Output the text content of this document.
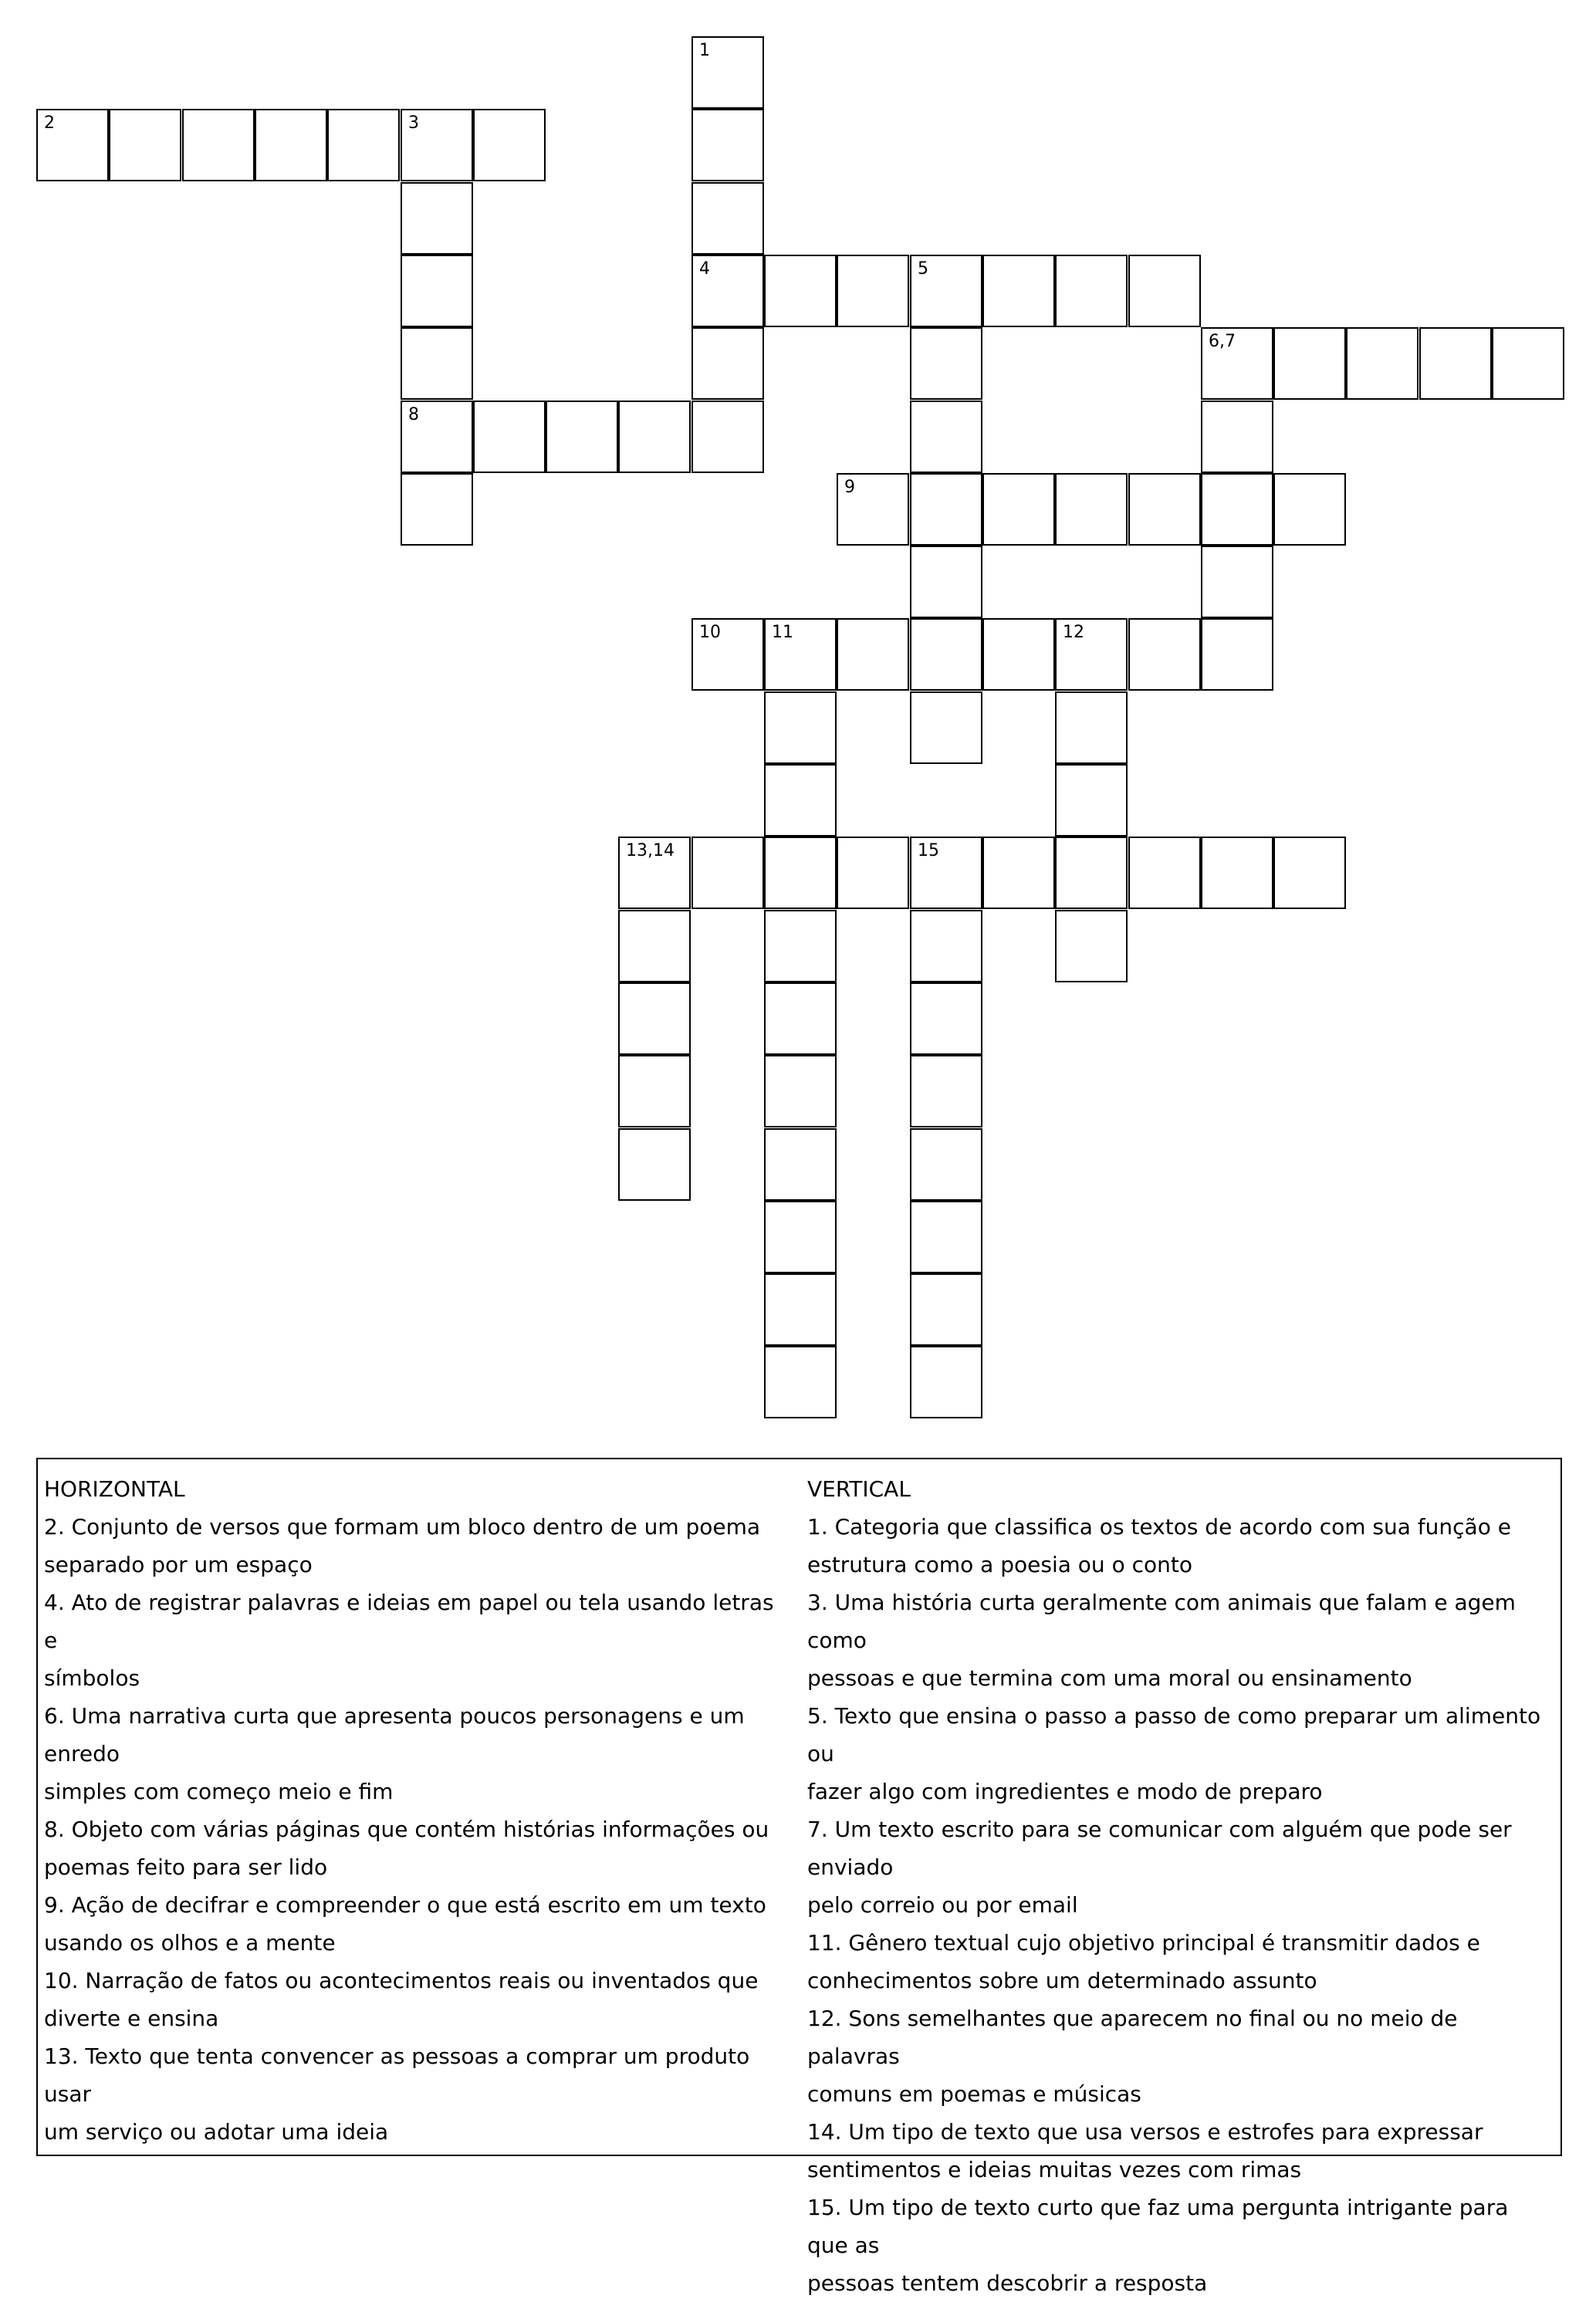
1
2	3
4	5
6,7
8
9
10	11	12
13,14	15
HORIZONTAL
2. Conjunto de versos que formam um bloco dentro de um poema
separado por um espaço
4. Ato de registrar palavras e ideias em papel ou tela usando letras e
símbolos
6. Uma narrativa curta que apresenta poucos personagens e um enredo
simples com começo meio e fim
8. Objeto com várias páginas que contém histórias informações ou
poemas feito para ser lido
9. Ação de decifrar e compreender o que está escrito em um texto
usando os olhos e a mente
10. Narração de fatos ou acontecimentos reais ou inventados que
diverte e ensina
13. Texto que tenta convencer as pessoas a comprar um produto usar
um serviço ou adotar uma ideia
VERTICAL
1. Categoria que classifica os textos de acordo com sua função e
estrutura como a poesia ou o conto
3. Uma história curta geralmente com animais que falam e agem como
pessoas e que termina com uma moral ou ensinamento
5. Texto que ensina o passo a passo de como preparar um alimento ou
fazer algo com ingredientes e modo de preparo
7. Um texto escrito para se comunicar com alguém que pode ser enviado
pelo correio ou por email
11. Gênero textual cujo objetivo principal é transmitir dados e
conhecimentos sobre um determinado assunto
12. Sons semelhantes que aparecem no final ou no meio de palavras
comuns em poemas e músicas
14. Um tipo de texto que usa versos e estrofes para expressar
sentimentos e ideias muitas vezes com rimas
15. Um tipo de texto curto que faz uma pergunta intrigante para que as
pessoas tentem descobrir a resposta
